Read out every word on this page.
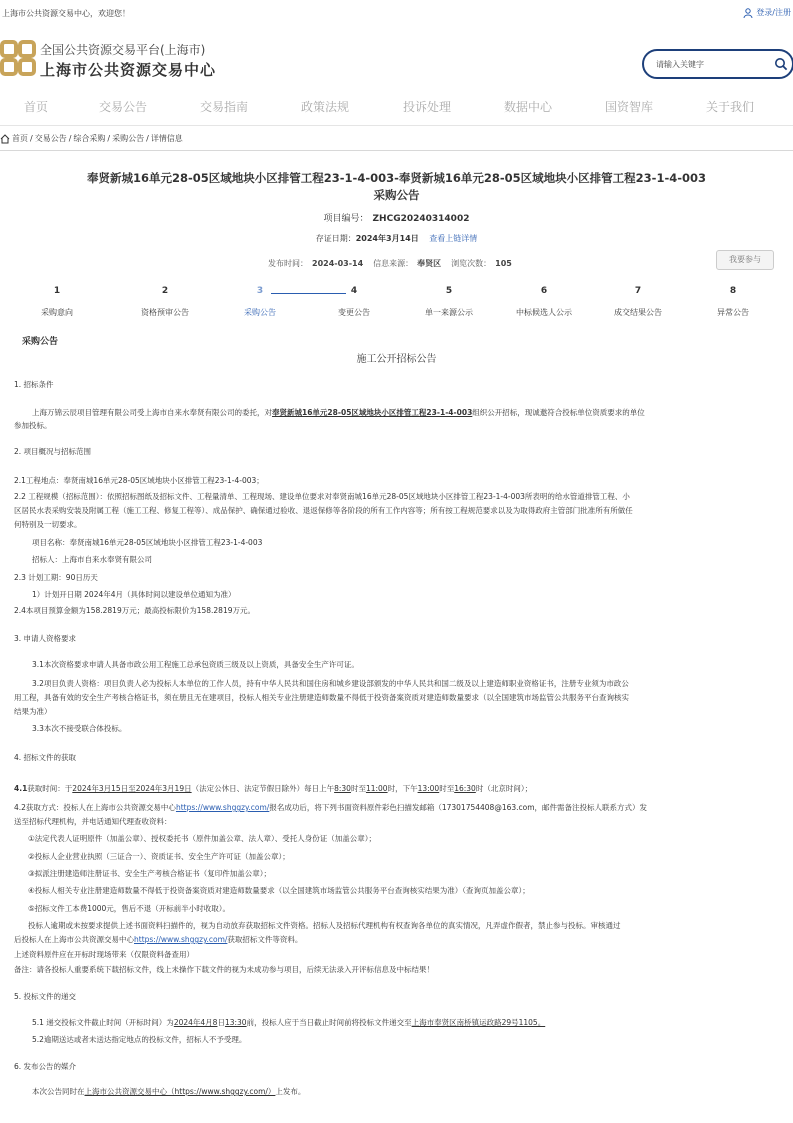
上海市公共资源交易中心，欢迎您！	登录/注册
全国公共资源交易平台(上海市)
上海市公共资源交易中心
请输入关键字
首页	交易公告	交易指南	政策法规	投诉处理	数据中心	国资智库	关于我们
首页 / 交易公告 / 综合采购 / 采购公告 / 详情信息
奉贤新城16单元28-05区域地块小区排管工程23-1-4-003-奉贤新城16单元28-05区域地块小区排管工程23-1-4-003
采购公告
项目编号： ZHCG20240314002
存证日期：2024年3月14日 查看上链详情
发布时间： 2024-03-14 信息来源： 奉贤区 浏览次数： 105	我要参与
1
采购意向
2
资格预审公告
3
采购公告
4
变更公告
5
单一来源公示
6
中标候选人公示
7
成交结果公告
8
异常公告
采购公告
施工公开招标公告

1. 招标条件

上海万锦云辰项目管理有限公司受上海市自来水奉贤有限公司的委托，对奉贤新城16单元28-05区域地块小区排管工程23-1-4-003组织公开招标，现诚邀符合投标单位资质要求的单位

参加投标。

2. 项目概况与招标范围

2.1工程地点：奉贤南城16单元28-05区域地块小区排管工程23-1-4-003；

2.2 工程规模（招标范围）：依照招标图纸及招标文件、工程量清单、工程现场、建设单位要求对奉贤南城16单元28-05区域地块小区排管工程23-1-4-003所表明的给水管道排管工程、小

区居民水表采购安装及附属工程（施工工程、修复工程等）、成品保护、确保通过验收、退返保修等各阶段的所有工作内容等；所有按工程规范要求以及为取得政府主管部门批准所有所做任

何特别及一切要求。

项目名称：奉贤南城16单元28-05区域地块小区排管工程23-1-4-003

招标人：上海市自来水奉贤有限公司

2.3 计划工期：90日历天

1）计划开日期 2024年4月（具体时间以建设单位通知为准）

2.4本项目预算金额为158.2819万元；最高投标限价为158.2819万元。

3. 申请人资格要求

3.1本次资格要求申请人具备市政公用工程施工总承包资质三级及以上资质，具备安全生产许可证。

3.2项目负责人资格：项目负责人必为投标人本单位的工作人员，持有中华人民共和国住房和城乡建设部颁发的中华人民共和国二级及以上建造师职业资格证书，注册专业须为市政公

用工程，具备有效的安全生产考核合格证书，须在册且无在建项目，投标人相关专业注册建造师数量不得低于投资备案资质对建造师数量要求（以全国建筑市场监管公共服务平台查询核实

结果为准）

3.3本次不接受联合体投标。

4. 招标文件的获取

4.1获取时间：于2024年3月15日至2024年3月19日（法定公休日、法定节假日除外）每日上午8:30时至11:00时，下午13:00时至16:30时（北京时间）；

4.2获取方式：投标人在上海市公共资源交易中心https://www.shggzy.com/报名成功后，将下列书面资料原件彩色扫描发邮箱（17301754408@163.com，邮件需备注投标人联系方式）发

送至招标代理机构，并电话通知代理查收资料：

①法定代表人证明原件（加盖公章）、授权委托书（原件加盖公章、法人章）、受托人身份证（加盖公章）；

②投标人企业营业执照（三证合一）、资质证书、安全生产许可证（加盖公章）；

③拟派注册建造师注册证书、安全生产考核合格证书（复印件加盖公章）；

④投标人相关专业注册建造师数量不得低于投资备案资质对建造师数量要求（以全国建筑市场监管公共服务平台查询核实结果为准）（查询页加盖公章）；

⑤招标文件工本费1000元，售后不退（开标前半小时收取）。

投标人逾期或未按要求提供上述书面资料扫描件的，视为自动放弃获取招标文件资格。招标人及招标代理机构有权查询各单位的真实情况，凡弄虚作假者，禁止参与投标。审核通过

后投标人在上海市公共资源交易中心https://www.shggzy.com/获取招标文件等资料。

上述资料原件应在开标时现场带来（仅限资料备查用）

备注：请各投标人重要系统下载招标文件，线上未操作下载文件的视为未成功参与项目，后续无法录入开评标信息及中标结果！

5. 投标文件的递交

5.1 递交投标文件截止时间（开标时间）为2024年4月8日13:30前，投标人应于当日截止时间前将投标文件递交至上海市奉贤区南桥镇运政路29号1105。

5.2逾期送达或者未送达指定地点的投标文件，招标人不予受理。

6. 发布公告的媒介

本次公告同时在上海市公共资源交易中心（https://www.shggzy.com/）上发布。
